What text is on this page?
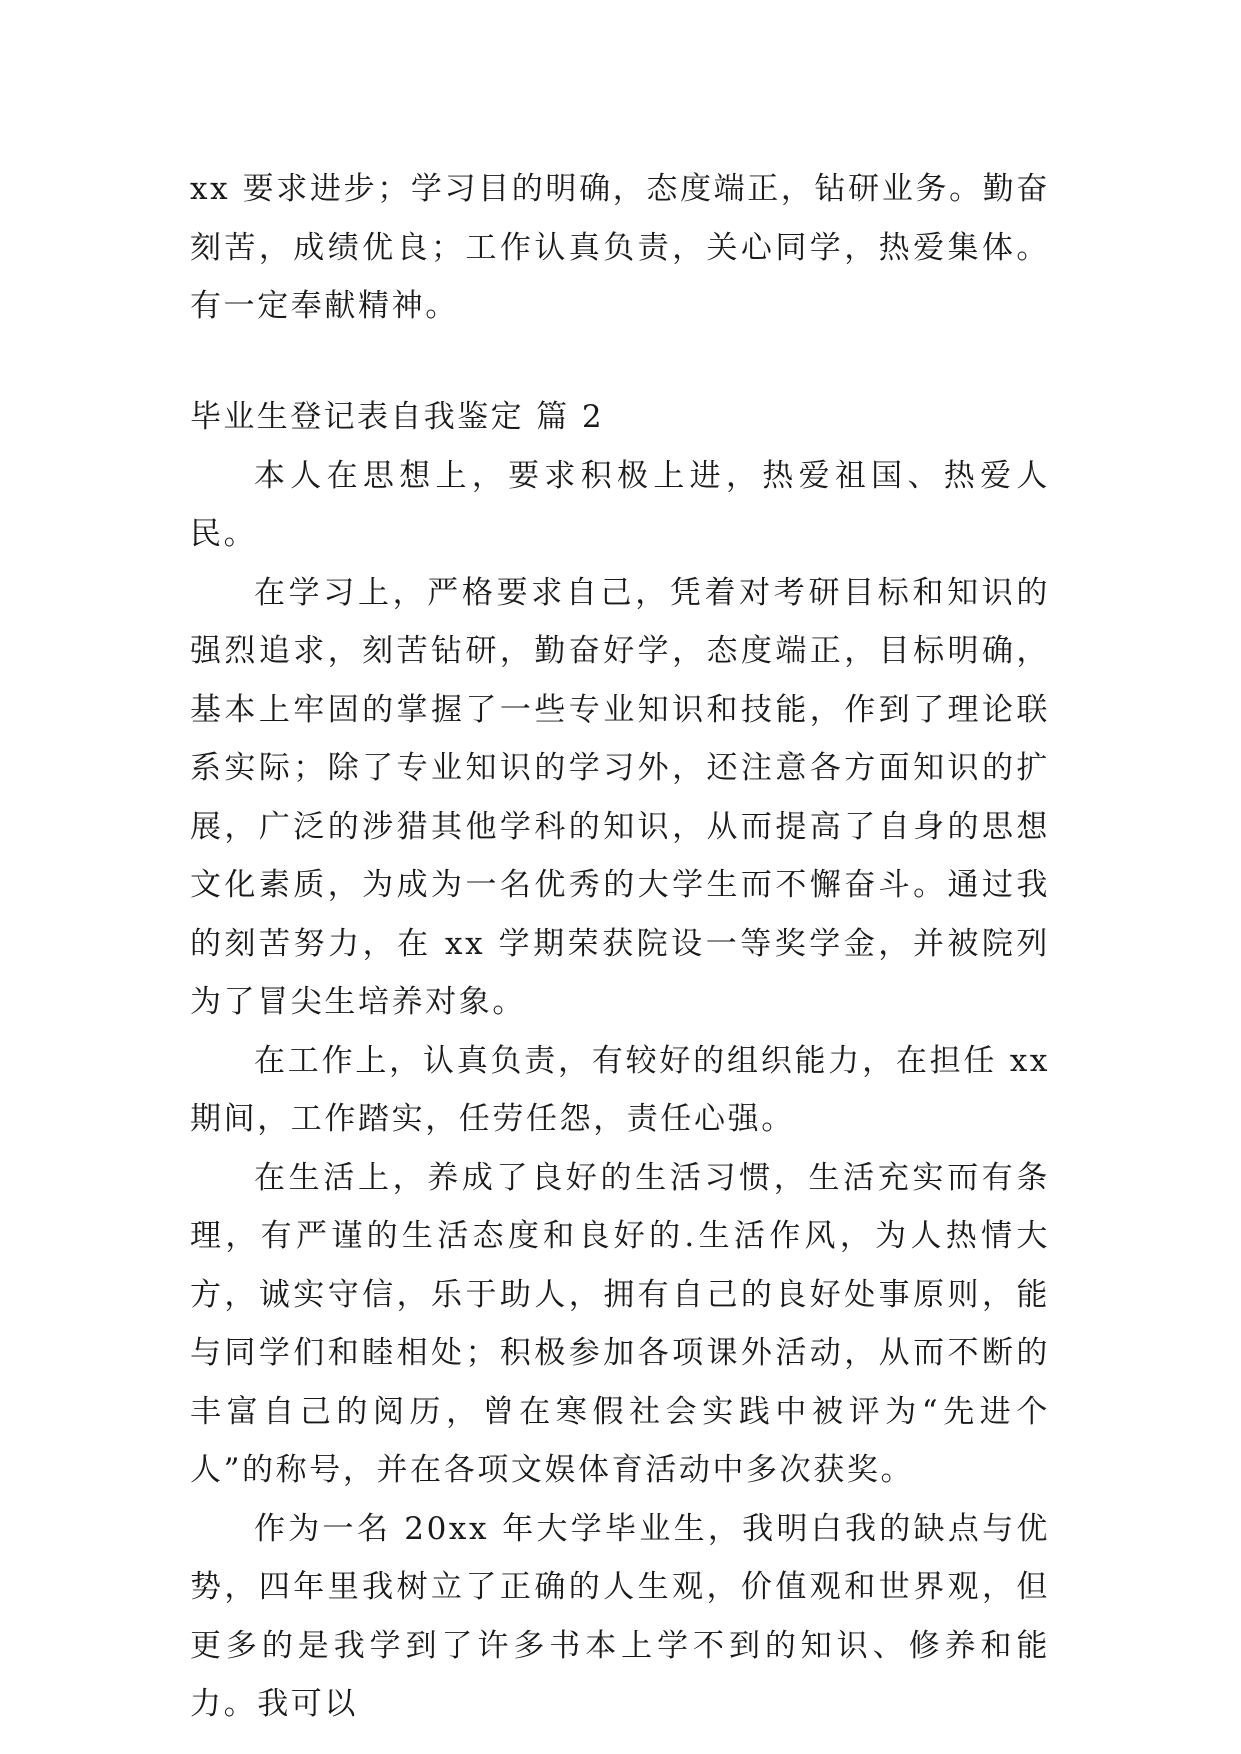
xx 要求进步；学习目的明确，态度端正，钻研业务。勤奋刻苦，成绩优良；工作认真负责，关心同学，热爱集体。有一定奉献精神。

毕业生登记表自我鉴定 篇 2

本人在思想上，要求积极上进，热爱祖国、热爱人民。

在学习上，严格要求自己，凭着对考研目标和知识的强烈追求，刻苦钻研，勤奋好学，态度端正，目标明确，基本上牢固的掌握了一些专业知识和技能，作到了理论联系实际；除了专业知识的学习外，还注意各方面知识的扩展，广泛的涉猎其他学科的知识，从而提高了自身的思想文化素质，为成为一名优秀的大学生而不懈奋斗。通过我的刻苦努力，在 xx 学期荣获院设一等奖学金，并被院列为了冒尖生培养对象。

在工作上，认真负责，有较好的组织能力，在担任 xx 期间，工作踏实，任劳任怨，责任心强。

在生活上，养成了良好的生活习惯，生活充实而有条理，有严谨的生活态度和良好的.生活作风，为人热情大方，诚实守信，乐于助人，拥有自己的良好处事原则，能与同学们和睦相处；积极参加各项课外活动，从而不断的丰富自己的阅历，曾在寒假社会实践中被评为“先进个人”的称号，并在各项文娱体育活动中多次获奖。

作为一名 20xx 年大学毕业生，我明白我的缺点与优势，四年里我树立了正确的人生观，价值观和世界观，但更多的是我学到了许多书本上学不到的知识、修养和能力。我可以
